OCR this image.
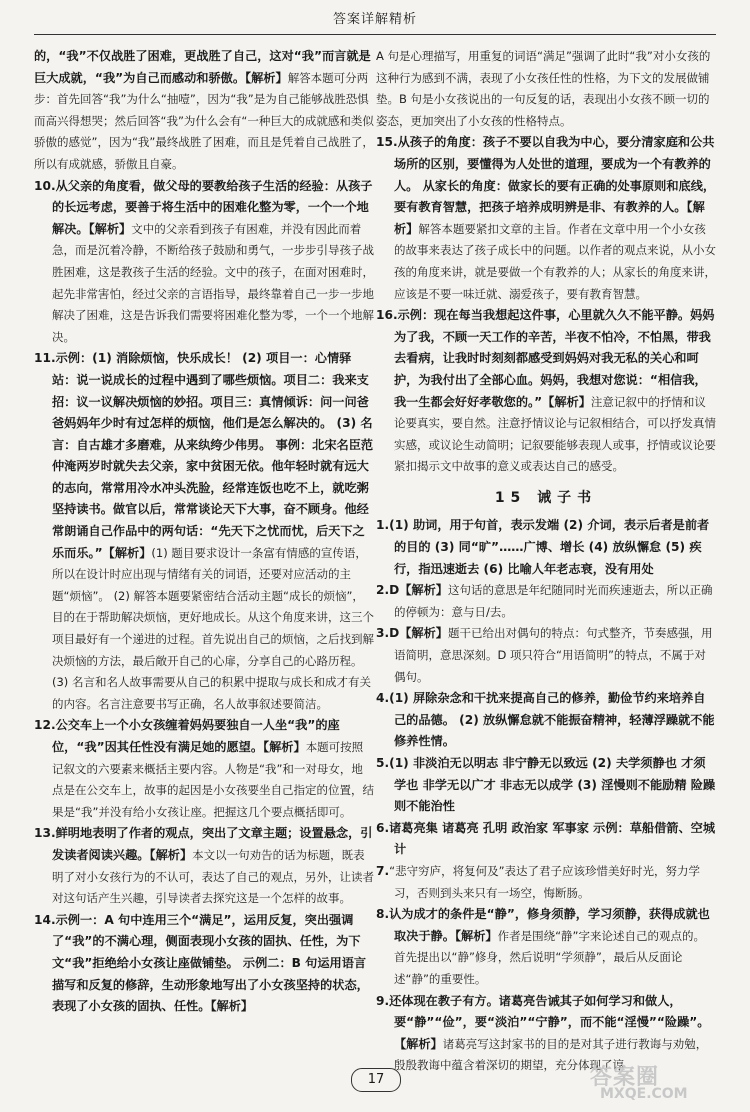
答案详解精析

的，“我”不仅战胜了困难，更战胜了自己，这对“我”而言就是巨大成就，“我”为自己而感动和骄傲。【解析】解答本题可分两步：首先回答“我”为什么“抽噎”，因为“我”是为自己能够战胜恐惧而高兴得想哭；然后回答“我”为什么会有“一种巨大的成就感和类似骄傲的感觉”，因为“我”最终战胜了困难，而且是凭着自己战胜了，所以有成就感，骄傲且自豪。

10.从父亲的角度看，做父母的要教给孩子生活的经验：从孩子的长远考虑，要善于将生活中的困难化整为零，一个一个地解决。【解析】文中的父亲看到孩子有困难，并没有因此而着急，而是沉着冷静，不断给孩子鼓励和勇气，一步步引导孩子战胜困难，这是教孩子生活的经验。文中的孩子，在面对困难时，起先非常害怕，经过父亲的言语指导，最终靠着自己一步一步地解决了困难，这是告诉我们需要将困难化整为零，一个一个地解决。

11.示例：(1) 消除烦恼，快乐成长！ (2) 项目一：心情驿站：说一说成长的过程中遇到了哪些烦恼。项目二：我来支招：议一议解决烦恼的妙招。项目三：真情倾诉：问一问爸爸妈妈年少时有过怎样的烦恼，他们是怎么解决的。 (3) 名言：自古雄才多磨难，从来纨绔少伟男。 事例：北宋名臣范仲淹两岁时就失去父亲，家中贫困无依。他年轻时就有远大的志向，常常用冷水冲头洗脸，经常连饭也吃不上，就吃粥坚持读书。做官以后，常常谈论天下大事，奋不顾身。他经常朗诵自己作品中的两句话：“先天下之忧而忧，后天下之乐而乐。”【解析】(1) 题目要求设计一条富有情感的宣传语，所以在设计时应出现与情绪有关的词语，还要对应活动的主题“烦恼”。 (2) 解答本题要紧密结合活动主题“成长的烦恼”，目的在于帮助解决烦恼，更好地成长。从这个角度来讲，这三个项目最好有一个递进的过程。首先说出自己的烦恼，之后找到解决烦恼的方法，最后敞开自己的心扉，分享自己的心路历程。 (3) 名言和名人故事需要从自己的积累中提取与成长和成才有关的内容。名言注意要书写正确，名人故事叙述要简洁。

12.公交车上一个小女孩缠着妈妈要独自一人坐“我”的座位，“我”因其任性没有满足她的愿望。【解析】本题可按照记叙文的六要素来概括主要内容。人物是“我”和一对母女，地点是在公交车上，故事的起因是小女孩要坐自己指定的位置，结果是“我”并没有给小女孩让座。把握这几个要点概括即可。

13.鲜明地表明了作者的观点，突出了文章主题；设置悬念，引发读者阅读兴趣。【解析】本文以一句劝告的话为标题，既表明了对小女孩行为的不认可，表达了自己的观点，另外，让读者对这句话产生兴趣，引导读者去探究这是一个怎样的故事。

14.示例一：A 句中连用三个“满足”，运用反复，突出强调了“我”的不满心理，侧面表现小女孩的固执、任性，为下文“我”拒绝给小女孩让座做铺垫。 示例二：B 句运用语言描写和反复的修辞，生动形象地写出了小女孩坚持的状态，表现了小女孩的固执、任性。【解析】

A 句是心理描写，用重复的词语“满足”强调了此时“我”对小女孩的这种行为感到不满，表现了小女孩任性的性格，为下文的发展做铺垫。B 句是小女孩说出的一句反复的话，表现出小女孩不顾一切的姿态，更加突出了小女孩的性格特点。

15.从孩子的角度：孩子不要以自我为中心，要分清家庭和公共场所的区别，要懂得为人处世的道理，要成为一个有教养的人。 从家长的角度：做家长的要有正确的处事原则和底线，要有教育智慧，把孩子培养成明辨是非、有教养的人。【解析】解答本题要紧扣文章的主旨。作者在文章中用一个小女孩的故事来表达了孩子成长中的问题。以作者的观点来说，从小女孩的角度来讲，就是要做一个有教养的人；从家长的角度来讲，应该是不要一味迁就、溺爱孩子，要有教育智慧。

16.示例：现在每当我想起这件事，心里就久久不能平静。妈妈为了我，不顾一天工作的辛苦，半夜不怕冷，不怕黑，带我去看病，让我时时刻刻都感受到妈妈对我无私的关心和呵护，为我付出了全部心血。妈妈，我想对您说：“相信我，我一生都会好好孝敬您的。”【解析】注意记叙中的抒情和议论要真实，要自然。注意抒情议论与记叙相结合，可以抒发真情实感，或议论生动简明；记叙要能够表现人或事，抒情或议论要紧扣揭示文中故事的意义或表达自己的感受。

15 诫子书

1.(1) 助词，用于句首，表示发端 (2) 介词，表示后者是前者的目的 (3) 同“旷”……广博、增长 (4) 放纵懈怠 (5) 疾行，指迅速逝去 (6) 比喻人年老志衰，没有用处

2.D【解析】这句话的意思是年纪随同时光而疾速逝去，所以正确的停顿为：意与日/去。

3.D【解析】题干已给出对偶句的特点：句式整齐，节奏感强，用语简明，意思深刻。D 项只符合“用语简明”的特点，不属于对偶句。

4.(1) 屏除杂念和干扰来提高自己的修养，勤俭节约来培养自己的品德。 (2) 放纵懈怠就不能振奋精神，轻薄浮躁就不能修养性情。

5.(1) 非淡泊无以明志 非宁静无以致远 (2) 夫学须静也 才须学也 非学无以广才 非志无以成学 (3) 淫慢则不能励精 险躁则不能治性

6.诸葛亮集 诸葛亮 孔明 政治家 军事家 示例：草船借箭、空城计

7.“悲守穷庐，将复何及”表达了君子应该珍惜美好时光，努力学习，否则到头来只有一场空，悔断肠。

8.认为成才的条件是“静”，修身须静，学习须静，获得成就也取决于静。【解析】作者是围绕“静”字来论述自己的观点的。首先提出以“静”修身，然后说明“学须静”，最后从反面论述“静”的重要性。

9.还体现在教子有方。诸葛亮告诫其子如何学习和做人，要“静”“俭”，要“淡泊”“宁静”，而不能“淫慢”“险躁”。【解析】诸葛亮写这封家书的目的是对其子进行教诲与劝勉，殷殷教诲中蕴含着深切的期望，充分体现了谆

17	答案圈
MXQE.COM
